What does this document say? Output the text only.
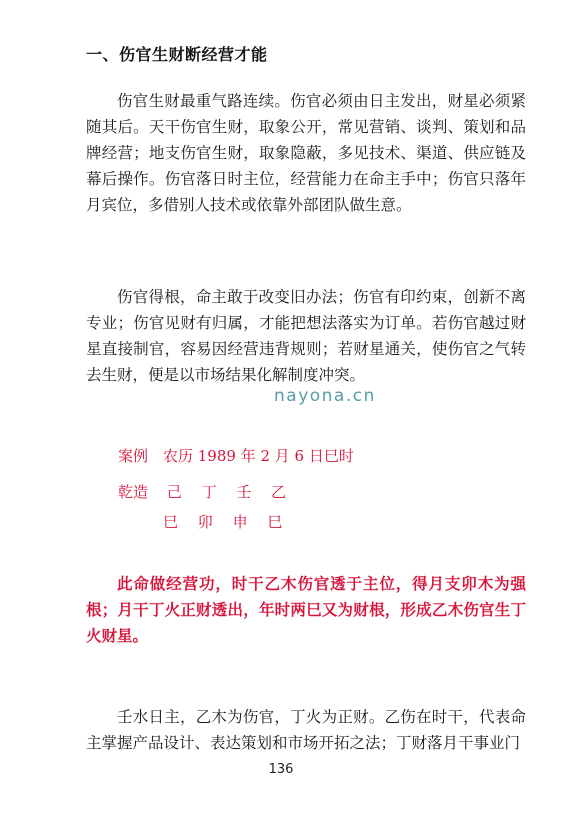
一、伤官生财断经营才能

伤官生财最重气路连续。伤官必须由日主发出，财星必须紧随其后。天干伤官生财，取象公开，常见营销、谈判、策划和品牌经营；地支伤官生财，取象隐蔽，多见技术、渠道、供应链及幕后操作。伤官落日时主位，经营能力在命主手中；伤官只落年月宾位，多借别人技术或依靠外部团队做生意。

伤官得根，命主敢于改变旧办法；伤官有印约束，创新不离专业；伤官见财有归属，才能把想法落实为订单。若伤官越过财星直接制官，容易因经营违背规则；若财星通关，使伤官之气转去生财，便是以市场结果化解制度冲突。

nayona.cn
案例　农历 1989 年 2 月 6 日巳时
乾造 己 丁 壬 乙
巳 卯 申 巳

此命做经营功，时干乙木伤官透于主位，得月支卯木为强根；月干丁火正财透出，年时两巳又为财根，形成乙木伤官生丁火财星。

壬水日主，乙木为伤官，丁火为正财。乙伤在时干，代表命主掌握产品设计、表达策划和市场开拓之法；丁财落月干事业门

136
